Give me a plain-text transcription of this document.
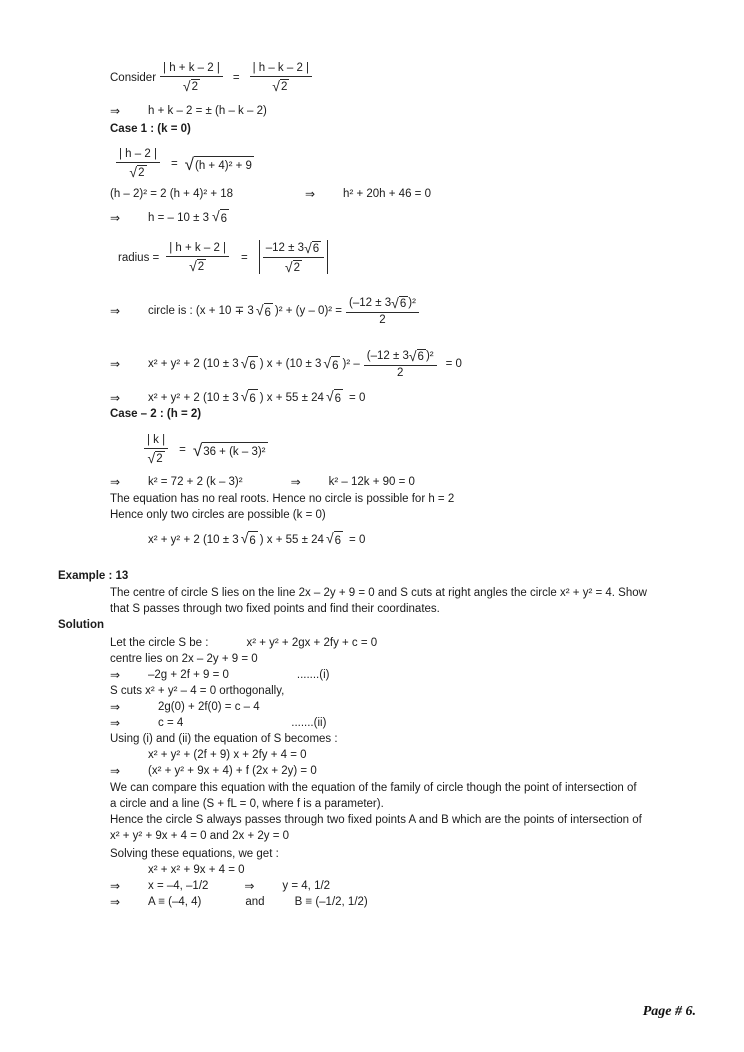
Consider $\frac{| h + k - 2 |}{√ 2} = \frac{| h - k - 2 |}{√ 2}$
⇒	h + k – 2 = ± (h – k – 2)
Case 1 : (k = 0)
$\frac{| h - 2 |}{√ 2}$ = √ (h + 4)² + 9
(h – 2)² = 2 (h + 4)² + 18	⇒	h² + 20h + 46 = 0
⇒	h = – 10 ± 3 √ 6
radius = $\frac{| h + k - 2 |}{√ 2} = \frac{-12 \pm 3 √ 6}{√ 2}$
⇒	circle is : (x + 10 ∓ 3 √ 6 )$^2 + (y - 0)^2 = \frac{\text{(–12 ± 3 √ 6 )²}}{2}$
⇒	x² + y² + 2 (10 ± 3 √ 6 ) x + (10 ± 3 √ 6 )$^2 - \frac{\text{(–12 ± 3 √ 6 )²}}{2} = 0$
⇒	x² + y² + 2 (10 ± 3 √ 6 ) x + 55 ± 24 √ 6 = 0
Case – 2 : (h = 2)
$\frac{| k |}{√ 2}$ = √ 36 + (k – 3)²
⇒	k² = 72 + 2 (k – 3)²	⇒	k² – 12k + 90 = 0
The equation has no real roots. Hence no circle is possible for h = 2
Hence only two circles are possible (k = 0)
x² + y² + 2 (10 ± 3 √ 6 ) x + 55 ± 24 √ 6 = 0
Example : 13
The centre of circle S lies on the line 2x – 2y + 9 = 0 and S cuts at right angles the circle x² + y² = 4. Show
that S passes through two fixed points and find their coordinates.
Solution
Let the circle S be :	x² + y² + 2gx + 2fy + c = 0
centre lies on 2x – 2y + 9 = 0
⇒	–2g + 2f + 9 = 0	.......(i)
S cuts x² + y² – 4 = 0 orthogonally,
⇒	2g(0) + 2f(0) = c – 4
⇒	c = 4	.......(ii)
Using (i) and (ii) the equation of S becomes :
x² + y² + (2f + 9) x + 2fy + 4 = 0
⇒	(x² + y² + 9x + 4) + f (2x + 2y) = 0
We can compare this equation with the equation of the family of circle though the point of intersection of
a circle and a line (S + fL = 0, where f is a parameter).
Hence the circle S always passes through two fixed points A and B which are the points of intersection of
x² + y² + 9x + 4 = 0 and 2x + 2y = 0
Solving these equations, we get :
x² + x² + 9x + 4 = 0
⇒	x = –4, –1/2	⇒	y = 4, 1/2
⇒	A ≡ (–4, 4)	and	B ≡ (–1/2, 1/2)
Page # 6.
